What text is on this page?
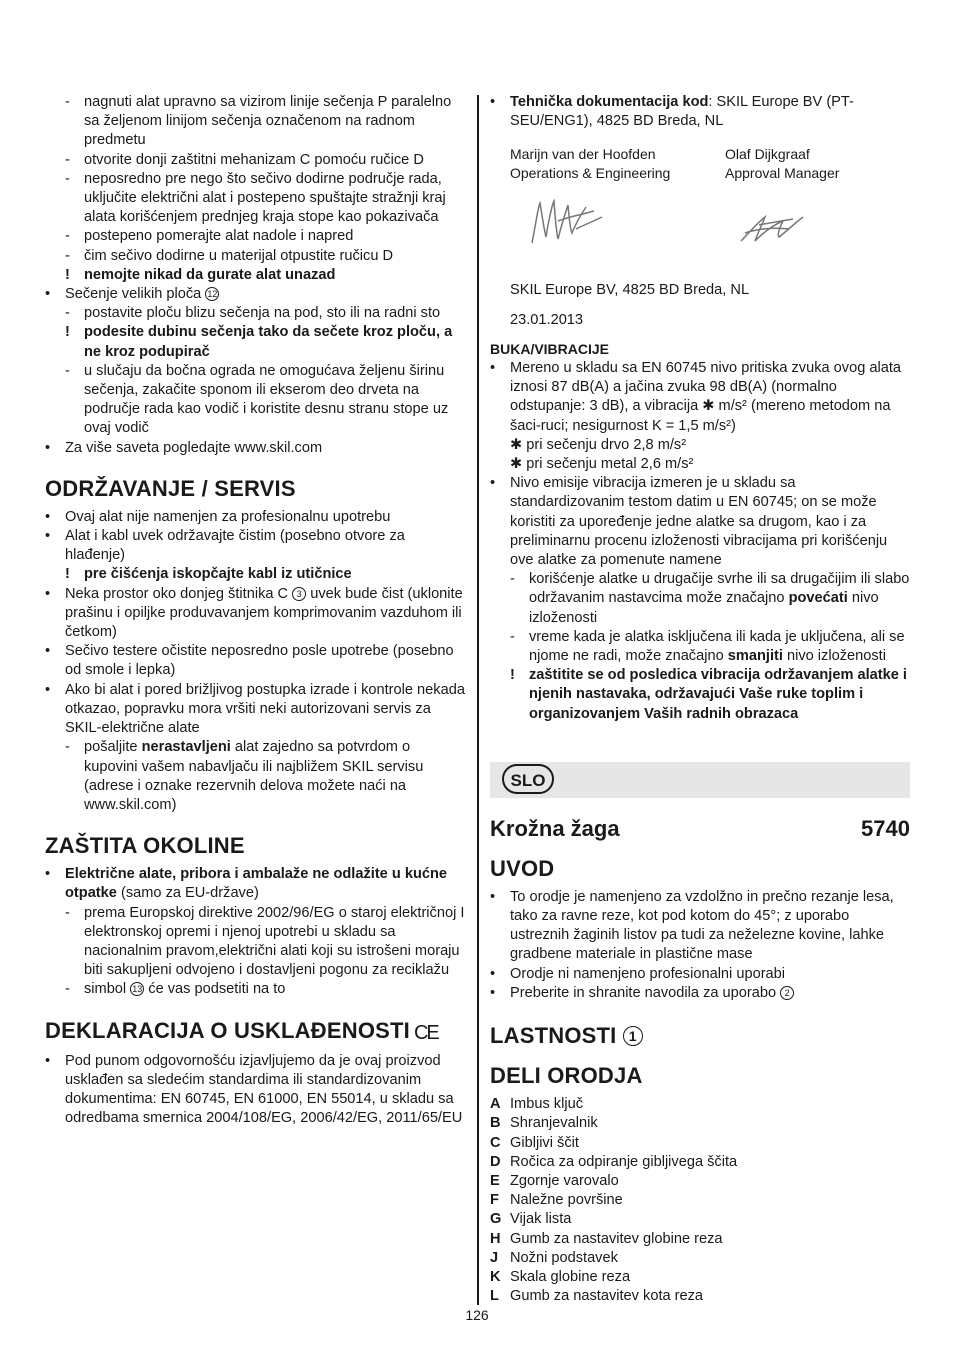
- nagnuti alat upravno sa vizirom linije sečenja P paralelno sa željenom linijom sečenja označenom na radnom predmetu

- otvorite donji zaštitni mehanizam C pomoću ručice D

- neposredno pre nego što sečivo dodirne područje rada, uključite električni alat i postepeno spuštajte stražnji kraj alata korišćenjem prednjeg kraja stope kao pokazivača

- postepeno pomerajte alat nadole i napred

- čim sečivo dodirne u materijal otpustite ručicu D

! nemojte nikad da gurate alat unazad

• Sečenje velikih ploča 12

- postavite ploču blizu sečenja na pod, sto ili na radni sto

! podesite dubinu sečenja tako da sečete kroz ploču, a ne kroz podupirač

- u slučaju da bočna ograda ne omogućava željenu širinu sečenja, zakačite sponom ili ekserom deo drveta na područje rada kao vodič i koristite desnu stranu stope uz ovaj vodič

• Za više saveta pogledajte www.skil.com

ODRŽAVANJE / SERVIS

• Ovaj alat nije namenjen za profesionalnu upotrebu

• Alat i kabl uvek održavajte čistim (posebno otvore za hlađenje)

! pre čišćenja iskopčajte kabl iz utičnice

• Neka prostor oko donjeg štitnika C 3 uvek bude čist (uklonite prašinu i opiljke produvavanjem komprimovanim vazduhom ili četkom)

• Sečivo testere očistite neposredno posle upotrebe (posebno od smole i lepka)

• Ako bi alat i pored brižljivog postupka izrade i kontrole nekada otkazao, popravku mora vršiti neki autorizovani servis za SKIL-električne alate

- pošaljite nerastavljeni alat zajedno sa potvrdom o kupovini vašem nabavljaču ili najbližem SKIL servisu (adrese i oznake rezervnih delova možete naći na www.skil.com)

ZAŠTITA OKOLINE

• Električne alate, pribora i ambalaže ne odlažite u kućne otpatke (samo za EU-države)

- prema Europskoj direktive 2002/96/EG o staroj električnoj I elektronskoj opremi i njenoj upotrebi u skladu sa nacionalnim pravom,električni alati koji su istrošeni moraju biti sakupljeni odvojeno i dostavljeni pogonu za reciklažu

- simbol 13 će vas podsetiti na to

DEKLARACIJA O USKLAĐENOSTI CE

• Pod punom odgovornošću izjavljujemo da je ovaj proizvod usklađen sa sledećim standardima ili standardizovanim dokumentima: EN 60745, EN 61000, EN 55014, u skladu sa odredbama smernica 2004/108/EG, 2006/42/EG, 2011/65/EU

• Tehnička dokumentacija kod: SKIL Europe BV (PT-SEU/ENG1), 4825 BD Breda, NL

Marijn van der Hoofden
Operations & Engineering
Olaf Dijkgraaf
Approval Manager

SKIL Europe BV, 4825 BD Breda, NL

23.01.2013

BUKA/VIBRACIJE

• Mereno u skladu sa EN 60745 nivo pritiska zvuka ovog alata iznosi 87 dB(A) a jačina zvuka 98 dB(A) (normalno odstupanje: 3 dB), a vibracija ✱ m/s² (mereno metodom na šaci-ruci; nesigurnost K = 1,5 m/s²)

✱ pri sečenju drvo 2,8 m/s²

✱ pri sečenju metal 2,6 m/s²

• Nivo emisije vibracija izmeren je u skladu sa standardizovanim testom datim u EN 60745; on se može koristiti za upoređenje jedne alatke sa drugom, kao i za preliminarnu procenu izloženosti vibracijama pri korišćenju ove alatke za pomenute namene

- korišćenje alatke u drugačije svrhe ili sa drugačijim ili slabo održavanim nastavcima može značajno povećati nivo izloženosti

- vreme kada je alatka isključena ili kada je uključena, ali se njome ne radi, može značajno smanjiti nivo izloženosti

! zaštitite se od posledica vibracija održavanjem alatke i njenih nastavaka, održavajući Vaše ruke toplim i organizovanjem Vaših radnih obrazaca

SLO
Krožna žaga	5740
UVOD

• To orodje je namenjeno za vzdolžno in prečno rezanje lesa, tako za ravne reze, kot pod kotom do 45°; z uporabo ustreznih žaginih listov pa tudi za neželezne kovine, lahke gradbene materiale in plastične mase

• Orodje ni namenjeno profesionalni uporabi

• Preberite in shranite navodila za uporabo 2

LASTNOSTI 1
DELI ORODJA
A Imbus ključ
B Shranjevalnik
C Gibljivi ščit
D Ročica za odpiranje gibljivega ščita
E Zgornje varovalo
F Naležne površine
G Vijak lista
H Gumb za nastavitev globine reza
J Nožni podstavek
K Skala globine reza
L Gumb za nastavitev kota reza
126
